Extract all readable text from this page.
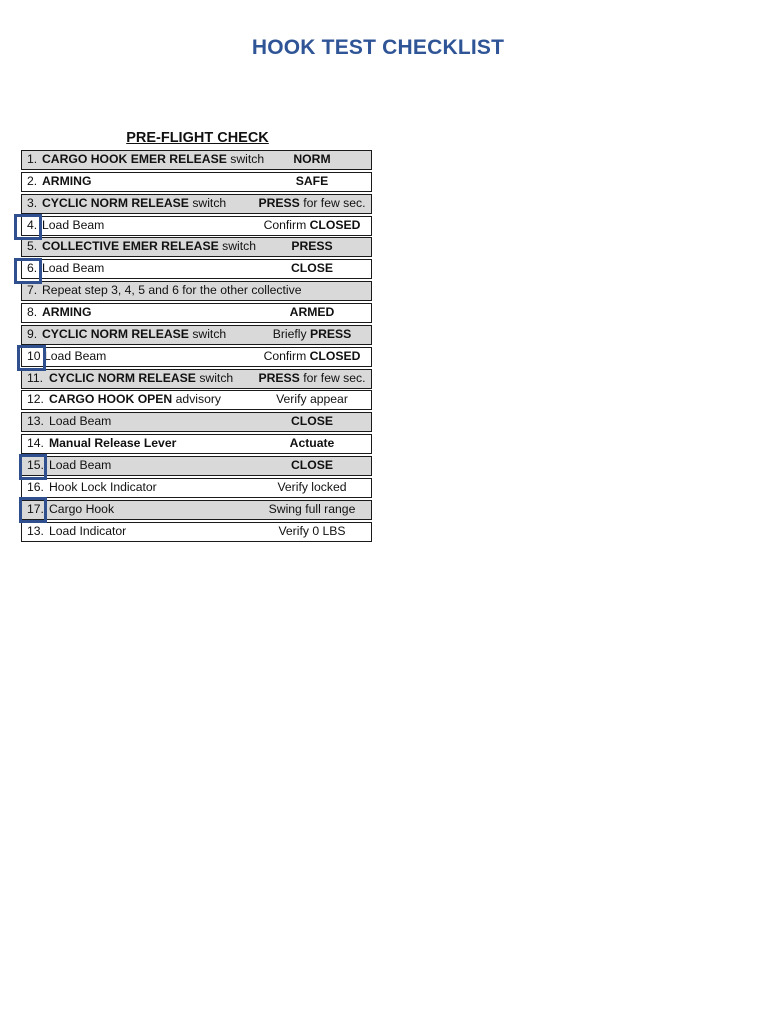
HOOK TEST CHECKLIST
PRE-FLIGHT CHECK
1. CARGO HOOK EMER RELEASE switch	NORM
2. ARMING	SAFE
3. CYCLIC NORM RELEASE switch	PRESS for few sec.
4. Load Beam	Confirm CLOSED
5. COLLECTIVE EMER RELEASE switch	PRESS
6. Load Beam	CLOSE
7. Repeat step 3, 4, 5 and 6 for the other collective
8. ARMING	ARMED
9. CYCLIC NORM RELEASE switch	Briefly PRESS
10 Load Beam	Confirm CLOSED
11. CYCLIC NORM RELEASE switch	PRESS for few sec.
12. CARGO HOOK OPEN advisory	Verify appear
13. Load Beam	CLOSE
14. Manual Release Lever	Actuate
15. Load Beam	CLOSE
16. Hook Lock Indicator	Verify locked
17. Cargo Hook	Swing full range
13. Load Indicator	Verify 0 LBS
